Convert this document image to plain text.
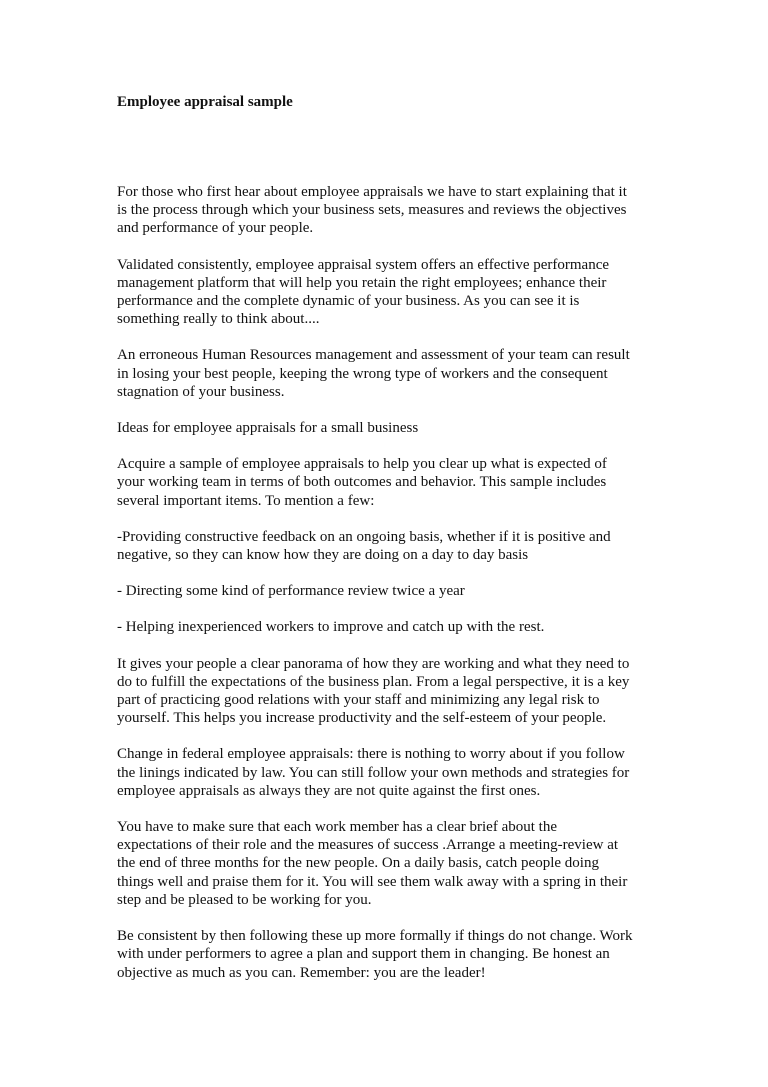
Employee appraisal sample

For those who first hear about employee appraisals we have to start explaining that it
is the process through which your business sets, measures and reviews the objectives
and performance of your people.

Validated consistently, employee appraisal system offers an effective performance
management platform that will help you retain the right employees; enhance their
performance and the complete dynamic of your business. As you can see it is
something really to think about....

An erroneous Human Resources management and assessment of your team can result
in losing your best people, keeping the wrong type of workers and the consequent
stagnation of your business.

Ideas for employee appraisals for a small business

Acquire a sample of employee appraisals to help you clear up what is expected of
your working team in terms of both outcomes and behavior. This sample includes
several important items. To mention a few:

-Providing constructive feedback on an ongoing basis, whether if it is positive and
negative, so they can know how they are doing on a day to day basis

- Directing some kind of performance review twice a year

- Helping inexperienced workers to improve and catch up with the rest.

It gives your people a clear panorama of how they are working and what they need to
do to fulfill the expectations of the business plan. From a legal perspective, it is a key
part of practicing good relations with your staff and minimizing any legal risk to
yourself. This helps you increase productivity and the self-esteem of your people.

Change in federal employee appraisals: there is nothing to worry about if you follow
the linings indicated by law. You can still follow your own methods and strategies for
employee appraisals as always they are not quite against the first ones.

You have to make sure that each work member has a clear brief about the
expectations of their role and the measures of success .Arrange a meeting-review at
the end of three months for the new people. On a daily basis, catch people doing
things well and praise them for it. You will see them walk away with a spring in their
step and be pleased to be working for you.

Be consistent by then following these up more formally if things do not change. Work
with under performers to agree a plan and support them in changing. Be honest an
objective as much as you can. Remember: you are the leader!
